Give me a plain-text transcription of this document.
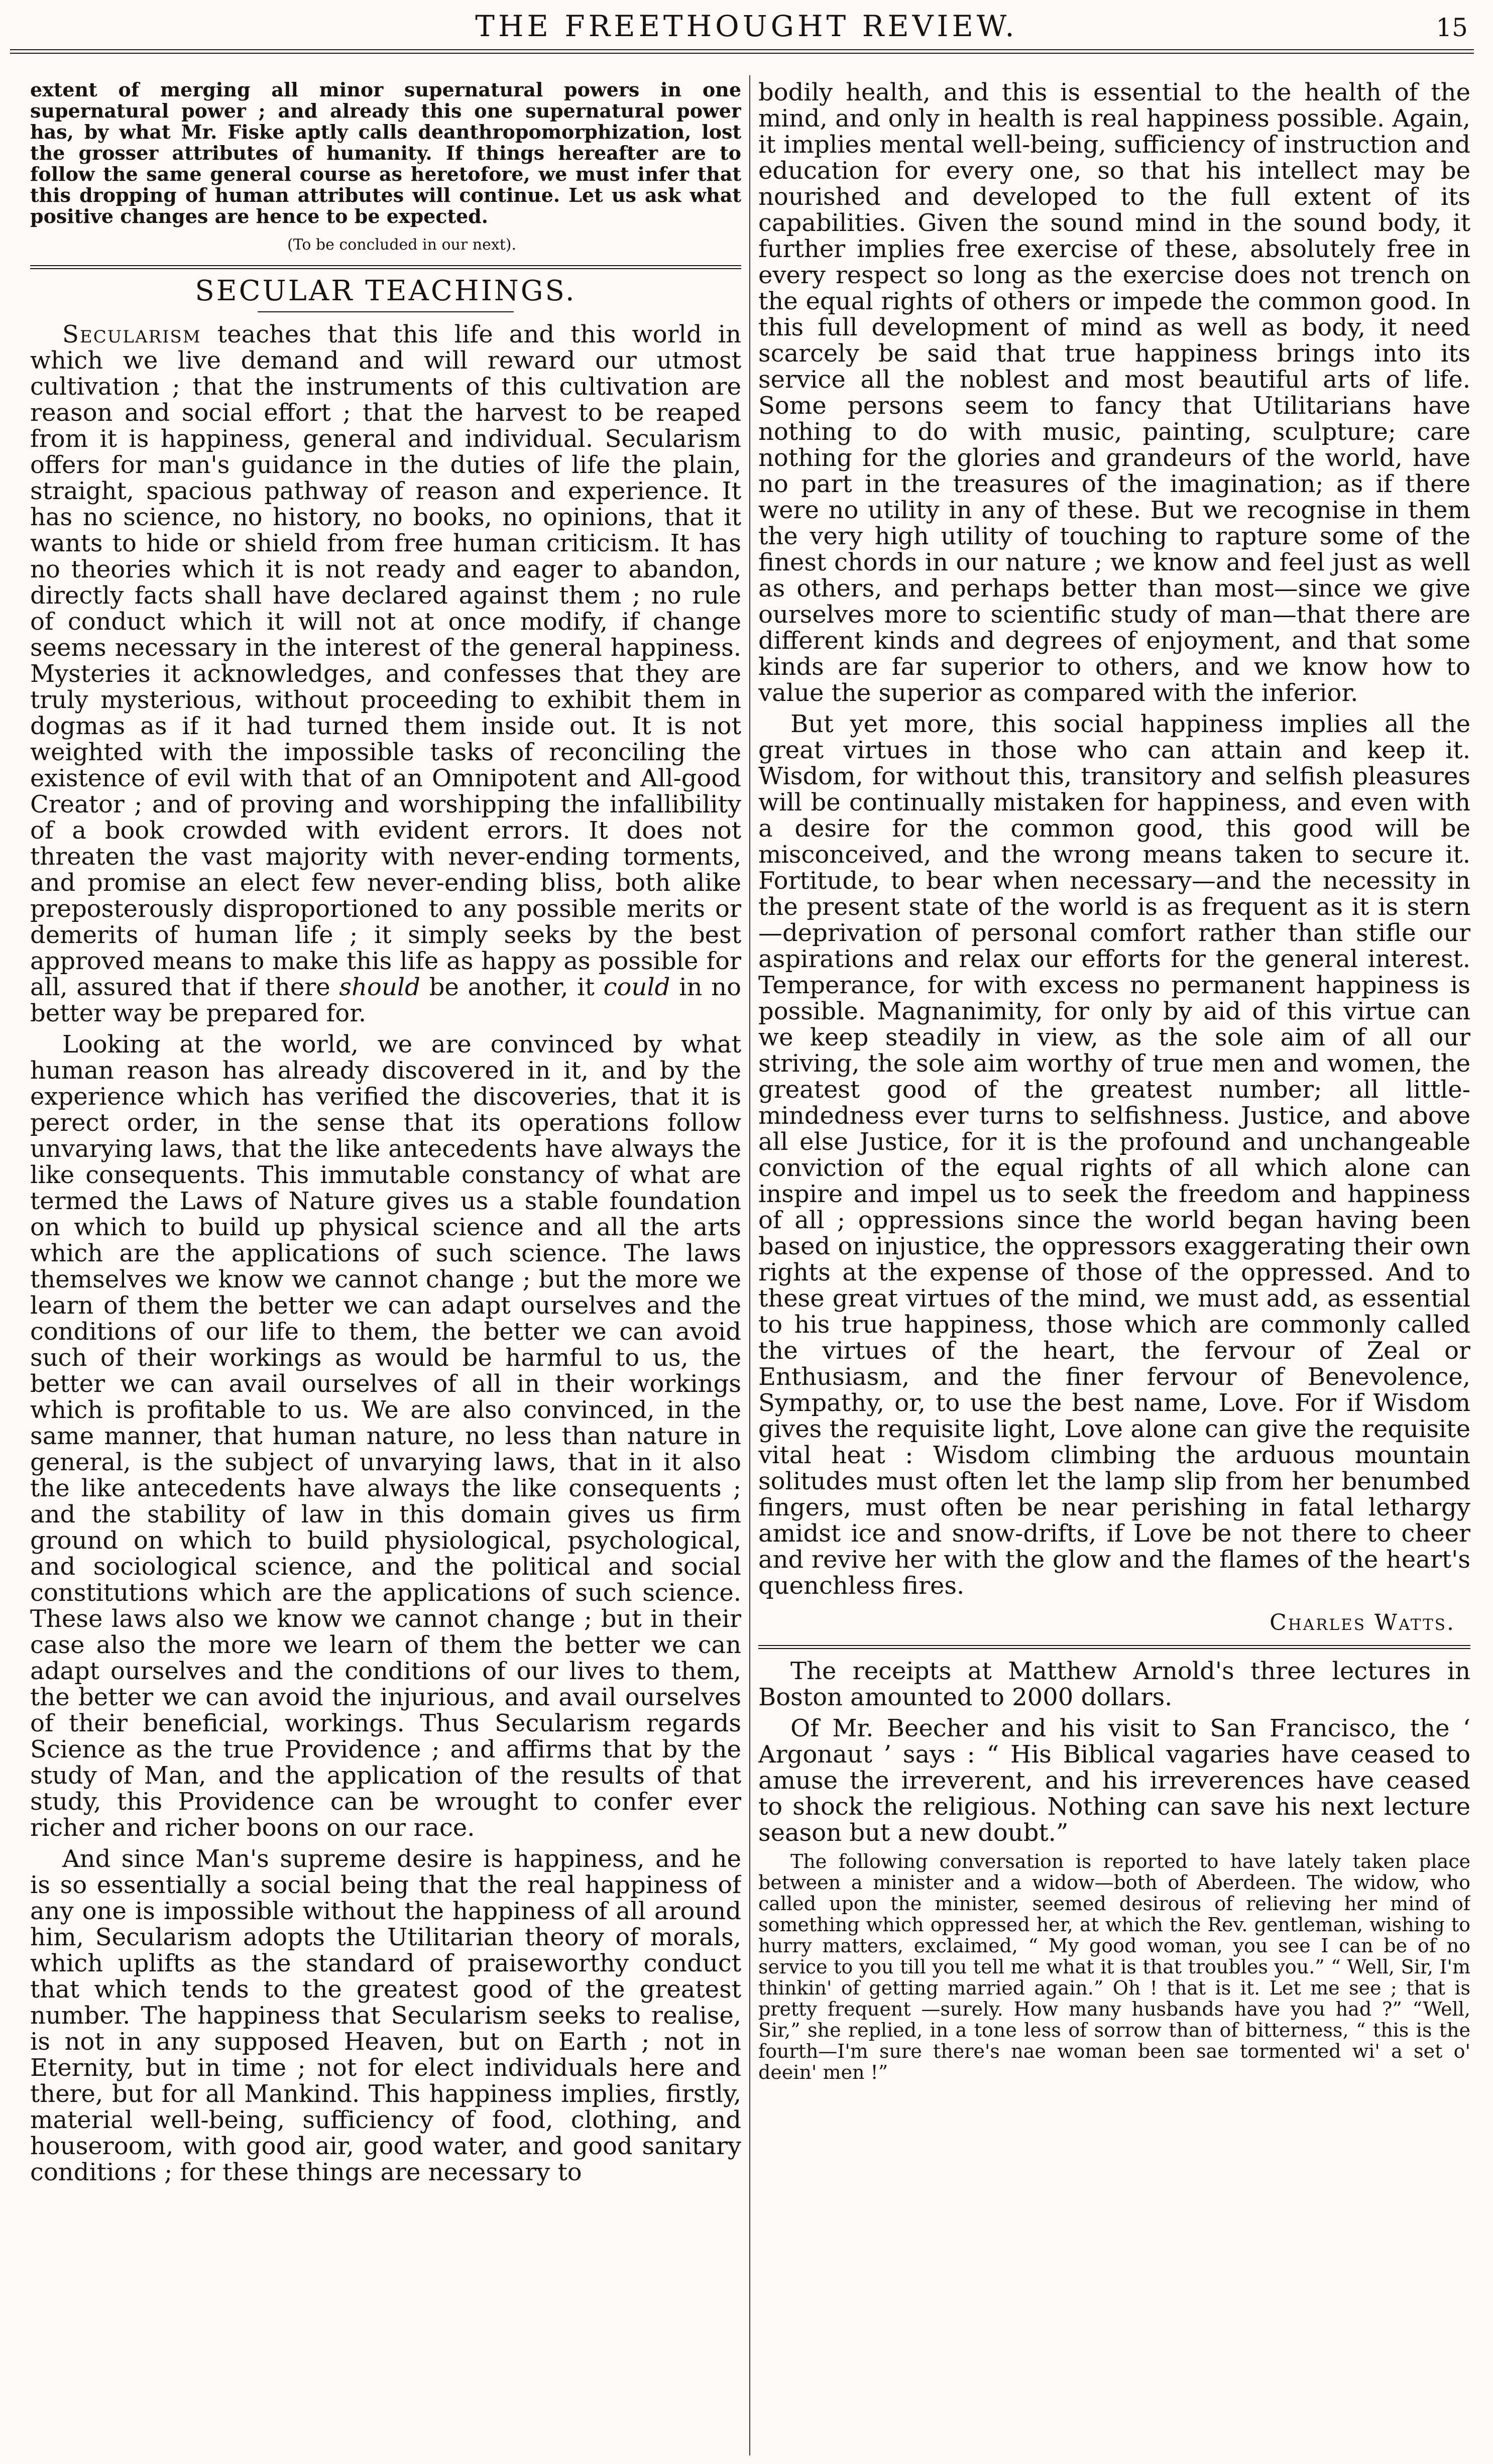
THE FREETHOUGHT REVIEW.	15

extent of merging all minor supernatural powers in one supernatural power ; and already this one supernatural power has, by what Mr. Fiske aptly calls deanthropomorphization, lost the grosser attributes of humanity. If things hereafter are to follow the same general course as heretofore, we must infer that this dropping of human attributes will continue. Let us ask what positive changes are hence to be expected.

(To be concluded in our next).

SECULAR TEACHINGS.

Secularism teaches that this life and this world in which we live demand and will reward our utmost cultivation ; that the instruments of this cultivation are reason and social effort ; that the harvest to be reaped from it is happiness, general and individual. Secularism offers for man's guidance in the duties of life the plain, straight, spacious pathway of reason and experience. It has no science, no history, no books, no opinions, that it wants to hide or shield from free human criticism. It has no theories which it is not ready and eager to abandon, directly facts shall have declared against them ; no rule of conduct which it will not at once modify, if change seems necessary in the interest of the general happiness. Mysteries it acknowledges, and confesses that they are truly mysterious, without proceeding to exhibit them in dogmas as if it had turned them inside out. It is not weighted with the impossible tasks of reconciling the existence of evil with that of an Omnipotent and All-good Creator ; and of proving and worshipping the infallibility of a book crowded with evident errors. It does not threaten the vast majority with never-ending torments, and promise an elect few never-ending bliss, both alike preposterously disproportioned to any possible merits or demerits of human life ; it simply seeks by the best approved means to make this life as happy as possible for all, assured that if there should be another, it could in no better way be prepared for.

Looking at the world, we are convinced by what human reason has already discovered in it, and by the experience which has verified the discoveries, that it is perect order, in the sense that its operations follow unvarying laws, that the like antecedents have always the like consequents. This immutable constancy of what are termed the Laws of Nature gives us a stable foundation on which to build up physical science and all the arts which are the applications of such science. The laws themselves we know we cannot change ; but the more we learn of them the better we can adapt ourselves and the conditions of our life to them, the better we can avoid such of their workings as would be harmful to us, the better we can avail ourselves of all in their workings which is profitable to us. We are also convinced, in the same manner, that human nature, no less than nature in general, is the subject of unvarying laws, that in it also the like antecedents have always the like consequents ; and the stability of law in this domain gives us firm ground on which to build physiological, psychological, and sociological science, and the political and social constitutions which are the applications of such science. These laws also we know we cannot change ; but in their case also the more we learn of them the better we can adapt ourselves and the conditions of our lives to them, the better we can avoid the injurious, and avail ourselves of their beneficial, workings. Thus Secularism regards Science as the true Providence ; and affirms that by the study of Man, and the application of the results of that study, this Providence can be wrought to confer ever richer and richer boons on our race.

And since Man's supreme desire is happiness, and he is so essentially a social being that the real happiness of any one is impossible without the happiness of all around him, Secularism adopts the Utilitarian theory of morals, which uplifts as the standard of praiseworthy conduct that which tends to the greatest good of the greatest number. The happiness that Secularism seeks to realise, is not in any supposed Heaven, but on Earth ; not in Eternity, but in time ; not for elect individuals here and there, but for all Mankind. This happiness implies, firstly, material well-being, sufficiency of food, clothing, and houseroom, with good air, good water, and good sanitary conditions ; for these things are necessary to

bodily health, and this is essential to the health of the mind, and only in health is real happiness possible. Again, it implies mental well-being, sufficiency of instruction and education for every one, so that his intellect may be nourished and developed to the full extent of its capabilities. Given the sound mind in the sound body, it further implies free exercise of these, absolutely free in every respect so long as the exercise does not trench on the equal rights of others or impede the common good. In this full development of mind as well as body, it need scarcely be said that true happiness brings into its service all the noblest and most beautiful arts of life. Some persons seem to fancy that Utilitarians have nothing to do with music, painting, sculpture; care nothing for the glories and grandeurs of the world, have no part in the treasures of the imagination; as if there were no utility in any of these. But we recognise in them the very high utility of touching to rapture some of the finest chords in our nature ; we know and feel just as well as others, and perhaps better than most—since we give ourselves more to scientific study of man—that there are different kinds and degrees of enjoyment, and that some kinds are far superior to others, and we know how to value the superior as compared with the inferior.

But yet more, this social happiness implies all the great virtues in those who can attain and keep it. Wisdom, for without this, transitory and selfish pleasures will be continually mistaken for happiness, and even with a desire for the common good, this good will be misconceived, and the wrong means taken to secure it. Fortitude, to bear when necessary—and the necessity in the present state of the world is as frequent as it is stern —deprivation of personal comfort rather than stifle our aspirations and relax our efforts for the general interest. Temperance, for with excess no permanent happiness is possible. Magnanimity, for only by aid of this virtue can we keep steadily in view, as the sole aim of all our striving, the sole aim worthy of true men and women, the greatest good of the greatest number; all little-mindedness ever turns to selfishness. Justice, and above all else Justice, for it is the profound and unchangeable conviction of the equal rights of all which alone can inspire and impel us to seek the freedom and happiness of all ; oppressions since the world began having been based on injustice, the oppressors exaggerating their own rights at the expense of those of the oppressed. And to these great virtues of the mind, we must add, as essential to his true happiness, those which are commonly called the virtues of the heart, the fervour of Zeal or Enthusiasm, and the finer fervour of Benevolence, Sympathy, or, to use the best name, Love. For if Wisdom gives the requisite light, Love alone can give the requisite vital heat : Wisdom climbing the arduous mountain solitudes must often let the lamp slip from her benumbed fingers, must often be near perishing in fatal lethargy amidst ice and snow-drifts, if Love be not there to cheer and revive her with the glow and the flames of the heart's quenchless fires.

Charles Watts.

The receipts at Matthew Arnold's three lectures in Boston amounted to 2000 dollars.

Of Mr. Beecher and his visit to San Francisco, the ‘ Argonaut ’ says : “ His Biblical vagaries have ceased to amuse the irreverent, and his irreverences have ceased to shock the religious. Nothing can save his next lecture season but a new doubt.”

The following conversation is reported to have lately taken place between a minister and a widow—both of Aberdeen. The widow, who called upon the minister, seemed desirous of relieving her mind of something which oppressed her, at which the Rev. gentleman, wishing to hurry matters, exclaimed, “ My good woman, you see I can be of no service to you till you tell me what it is that troubles you.” “ Well, Sir, I'm thinkin' of getting married again.” Oh ! that is it. Let me see ; that is pretty frequent —surely. How many husbands have you had ?” “Well, Sir,” she replied, in a tone less of sorrow than of bitterness, “ this is the fourth—I'm sure there's nae woman been sae tormented wi' a set o' deein' men !”
